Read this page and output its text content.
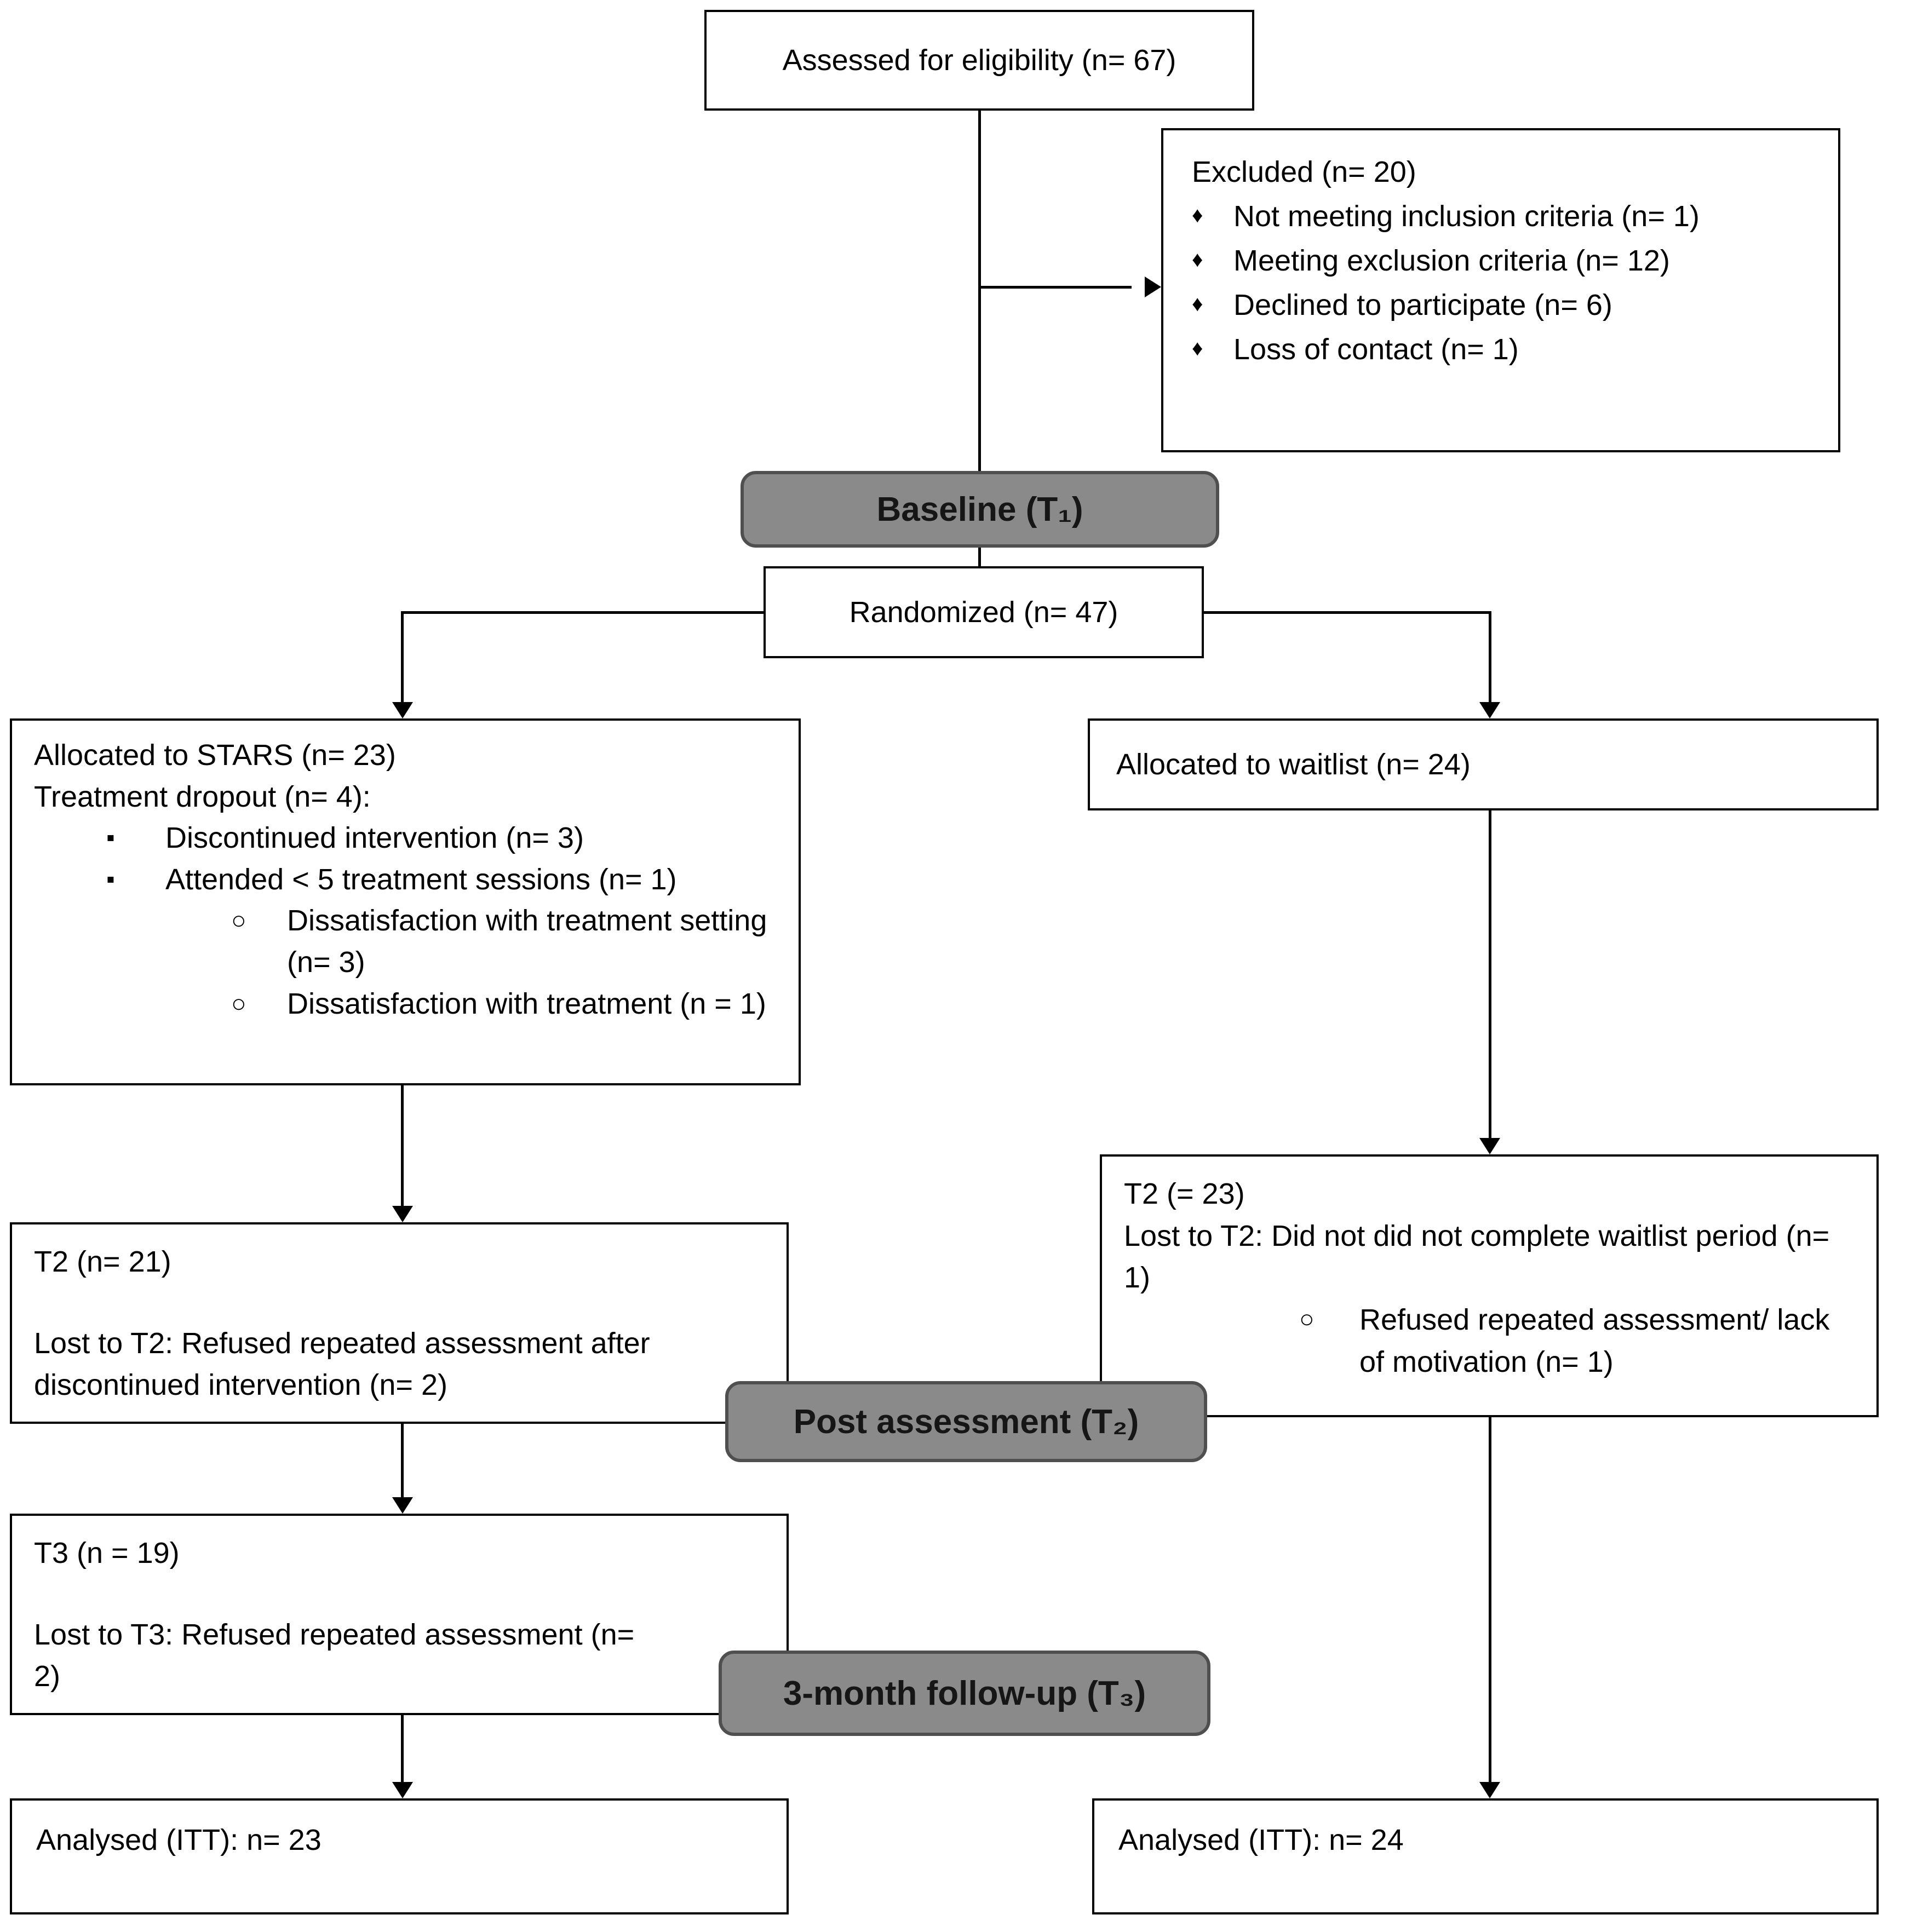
Assessed for eligibility (n= 67)
Excluded (n= 20)
♦	Not meeting inclusion criteria (n= 1)
♦	Meeting exclusion criteria (n= 12)
♦	Declined to participate (n= 6)
♦	Loss of contact (n= 1)
Baseline (T₁)
Randomized (n= 47)
Allocated to STARS (n= 23)
Treatment dropout (n= 4):
▪	Discontinued intervention (n= 3)
▪	Attended < 5 treatment sessions (n= 1)
○	Dissatisfaction with treatment setting (n= 3)
○	Dissatisfaction with treatment (n = 1)
Allocated to waitlist (n= 24)
T2 (n= 21)
Lost to T2: Refused repeated assessment after discontinued intervention (n= 2)
T2 (= 23)
Lost to T2: Did not did not complete waitlist period (n= 1)
○	Refused repeated assessment/ lack of motivation (n= 1)
Post assessment (T₂)
T3 (n = 19)
Lost to T3: Refused repeated assessment (n= 2)	3-month follow-up (T₃)
Analysed (ITT): n= 23	Analysed (ITT): n= 24
